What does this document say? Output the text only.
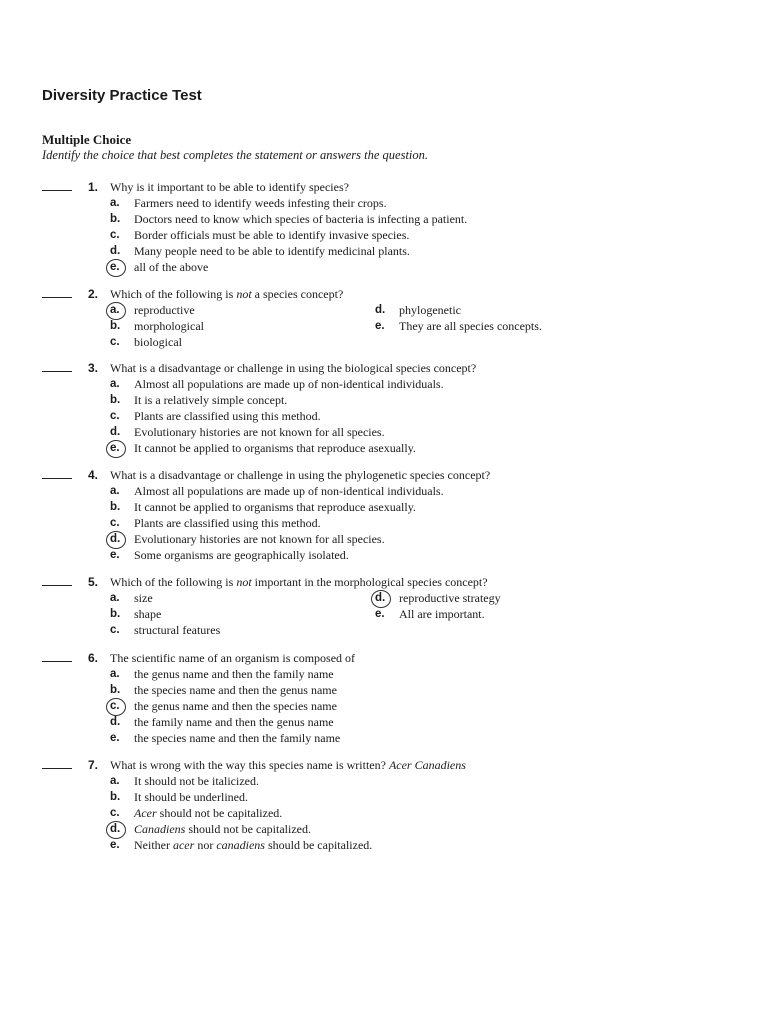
Diversity Practice Test
Multiple Choice
Identify the choice that best completes the statement or answers the question.
1. Why is it important to be able to identify species?
a.	Farmers need to identify weeds infesting their crops.
b.	Doctors need to know which species of bacteria is infecting a patient.
c.	Border officials must be able to identify invasive species.
d.	Many people need to be able to identify medicinal plants.
e.	all of the above
2. Which of the following is not a species concept?
a.	reproductive
b.	morphological
c.	biological
d.	phylogenetic
e.	They are all species concepts.
3. What is a disadvantage or challenge in using the biological species concept?
a.	Almost all populations are made up of non-identical individuals.
b.	It is a relatively simple concept.
c.	Plants are classified using this method.
d.	Evolutionary histories are not known for all species.
e.	It cannot be applied to organisms that reproduce asexually.
4. What is a disadvantage or challenge in using the phylogenetic species concept?
a.	Almost all populations are made up of non-identical individuals.
b.	It cannot be applied to organisms that reproduce asexually.
c.	Plants are classified using this method.
d.	Evolutionary histories are not known for all species.
e.	Some organisms are geographically isolated.
5. Which of the following is not important in the morphological species concept?
a.	size
b.	shape
c.	structural features
d.	reproductive strategy
e.	All are important.
6. The scientific name of an organism is composed of
a.	the genus name and then the family name
b.	the species name and then the genus name
c.	the genus name and then the species name
d.	the family name and then the genus name
e.	the species name and then the family name
7. What is wrong with the way this species name is written? Acer Canadiens
a.	It should not be italicized.
b.	It should be underlined.
c.	Acer should not be capitalized.
d.	Canadiens should not be capitalized.
e.	Neither acer nor canadiens should be capitalized.
